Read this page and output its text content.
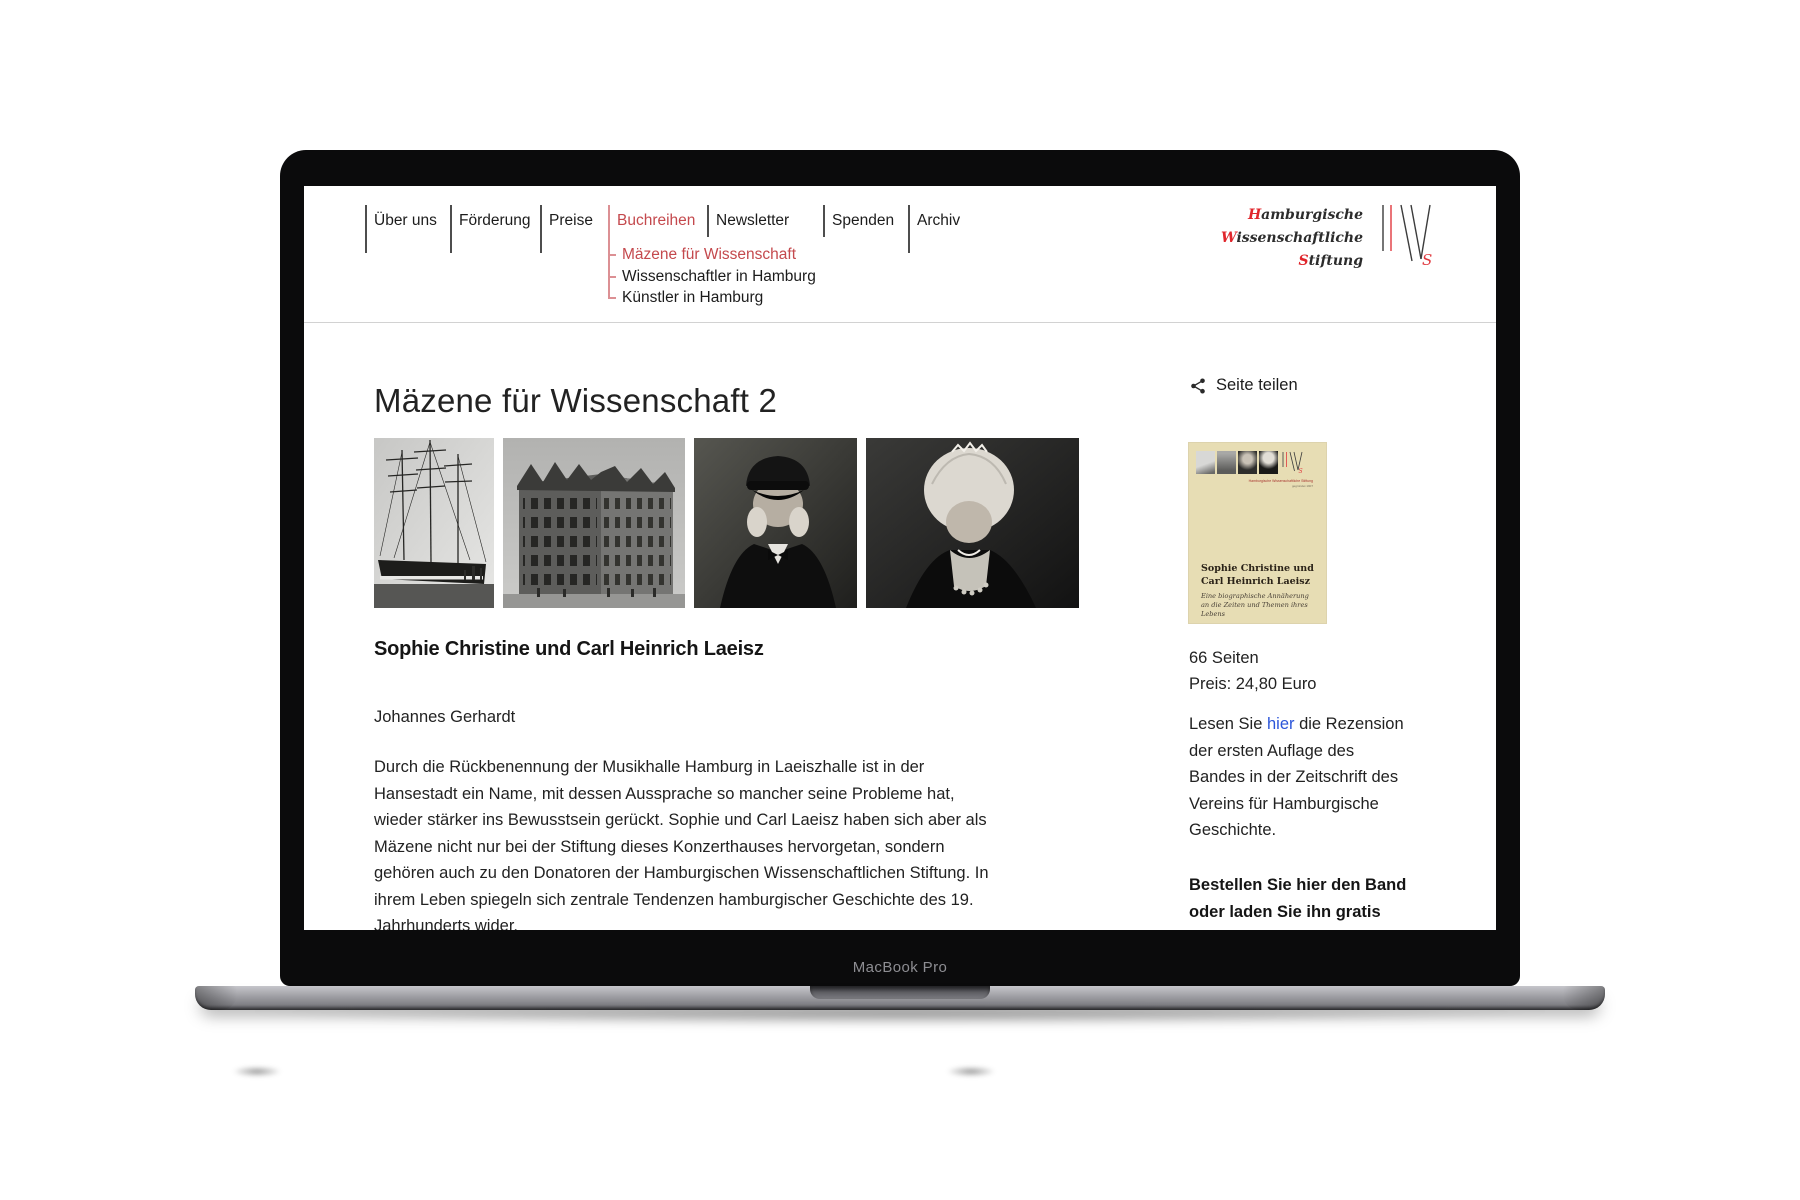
MacBook Pro
Über uns Förderung Preise Buchreihen Newsletter	Spenden Archiv
Mäzene für Wissenschaft
Wissenschaftler in Hamburg
Künstler in Hamburg
Hamburgische
Wissenschaftliche
Stiftung	S
Mäzene für Wissenschaft 2
Sophie Christine und Carl Heinrich Laeisz
Johannes Gerhardt
Durch die Rückbenennung der Musikhalle Hamburg in Laeiszhalle ist in der
Hansestadt ein Name, mit dessen Aussprache so mancher seine Probleme hat,
wieder stärker ins Bewusstsein gerückt. Sophie und Carl Laeisz haben sich aber als
Mäzene nicht nur bei der Stiftung dieses Konzerthauses hervorgetan, sondern
gehören auch zu den Donatoren der Hamburgischen Wissenschaftlichen Stiftung. In
ihrem Leben spiegeln sich zentrale Tendenzen hamburgischer Geschichte des 19.
Jahrhunderts wider.
Seite teilen
S
Hamburgische Wissenschaftliche Stiftung
gegründet 1907
Sophie Christine und
Carl Heinrich Laeisz
Eine biographische Annäherung
an die Zeiten und Themen ihres Lebens
66 Seiten
Preis: 24,80 Euro
Lesen Sie hier die Rezension
der ersten Auflage des
Bandes in der Zeitschrift des
Vereins für Hamburgische
Geschichte.
Bestellen Sie hier den Band
oder laden Sie ihn gratis
